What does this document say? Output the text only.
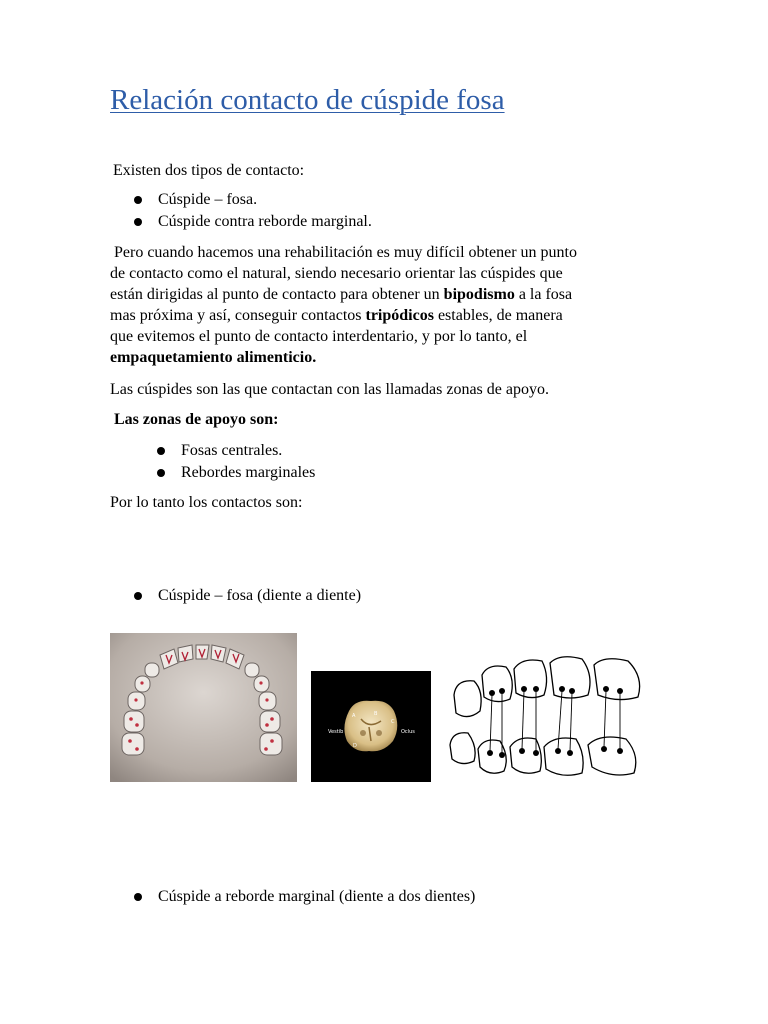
Relación contacto de cúspide fosa

Existen dos tipos de contacto:

Cúspide – fosa.
Cúspide contra reborde marginal.

Pero cuando hacemos una rehabilitación es muy difícil obtener un punto

de contacto como el natural, siendo necesario orientar las cúspides que

están dirigidas al punto de contacto para obtener un bipodismo a la fosa

mas próxima y así, conseguir contactos tripódicos estables, de manera

que evitemos el punto de contacto interdentario, y por lo tanto, el

empaquetamiento alimenticio.

Las cúspides son las que contactan con las llamadas zonas de apoyo.

Las zonas de apoyo son:

Fosas centrales.
Rebordes marginales

Por lo tanto los contactos son:

Cúspide – fosa (diente a diente)
A	B
C
D
Vestib	Oclus
Cúspide a reborde marginal (diente a dos dientes)
